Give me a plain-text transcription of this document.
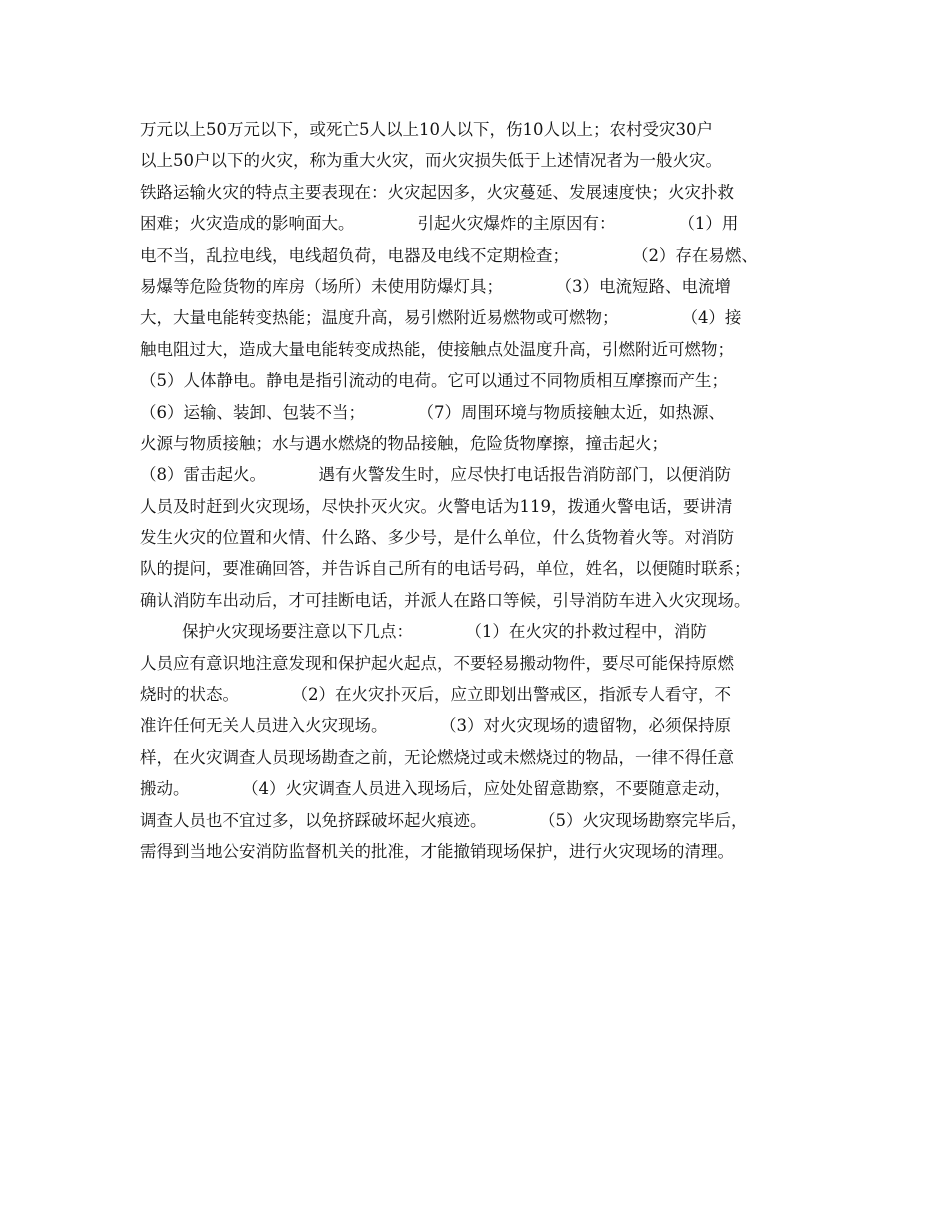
万元以上50万元以下，或死亡5人以上10人以下，伤10人以上；农村受灾30户
以上50户以下的火灾，称为重大火灾，而火灾损失低于上述情况者为一般火灾。
铁路运输火灾的特点主要表现在：火灾起因多，火灾蔓延、发展速度快；火灾扑救
困难；火灾造成的影响面大。            引起火灾爆炸的主原因有：            （1）用
电不当，乱拉电线，电线超负荷，电器及电线不定期检查；            （2）存在易燃、
易爆等危险货物的库房（场所）未使用防爆灯具；          （3）电流短路、电流增
大，大量电能转变热能；温度升高，易引燃附近易燃物或可燃物；            （4）接
触电阻过大，造成大量电能转变成热能，使接触点处温度升高，引燃附近可燃物；
（5）人体静电。静电是指引流动的电荷。它可以通过不同物质相互摩擦而产生；
（6）运输、装卸、包装不当；          （7）周围环境与物质接触太近，如热源、
火源与物质接触；水与遇水燃烧的物品接触，危险货物摩擦，撞击起火；
（8）雷击起火。          遇有火警发生时，应尽快打电话报告消防部门，以便消防
人员及时赶到火灾现场，尽快扑灭火灾。火警电话为119，拨通火警电话，要讲清
发生火灾的位置和火情、什么路、多少号，是什么单位，什么货物着火等。对消防
队的提问，要准确回答，并告诉自己所有的电话号码，单位，姓名，以便随时联系；
确认消防车出动后，才可挂断电话，并派人在路口等候，引导消防车进入火灾现场。
保护火灾现场要注意以下几点：          （1）在火灾的扑救过程中，消防
人员应有意识地注意发现和保护起火起点，不要轻易搬动物件，要尽可能保持原燃
烧时的状态。          （2）在火灾扑灭后，应立即划出警戒区，指派专人看守，不
准许任何无关人员进入火灾现场。          （3）对火灾现场的遗留物，必须保持原
样，在火灾调查人员现场勘查之前，无论燃烧过或未燃烧过的物品，一律不得任意
搬动。          （4）火灾调查人员进入现场后，应处处留意勘察，不要随意走动，
调查人员也不宜过多，以免挤踩破坏起火痕迹。          （5）火灾现场勘察完毕后，
需得到当地公安消防监督机关的批准，才能撤销现场保护，进行火灾现场的清理。
